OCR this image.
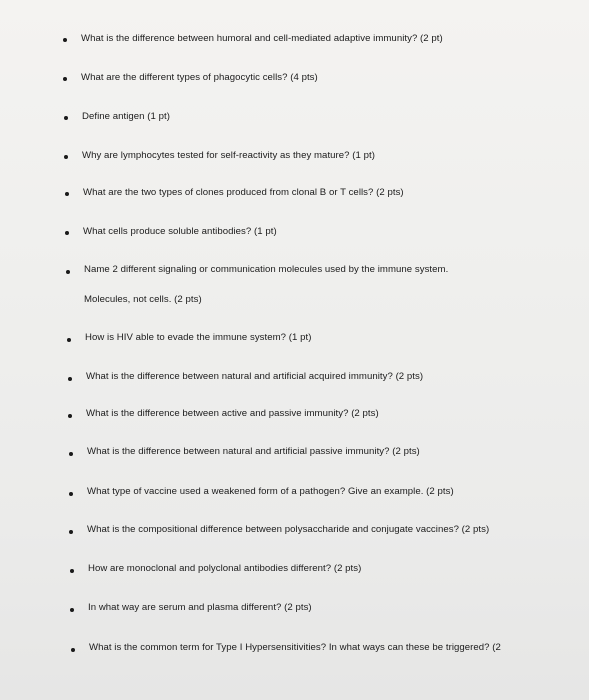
What is the difference between humoral and cell-mediated adaptive immunity? (2 pt)
What are the different types of phagocytic cells? (4 pts)
Define antigen (1 pt)
Why are lymphocytes tested for self-reactivity as they mature? (1 pt)
What are the two types of clones produced from clonal B or T cells? (2 pts)
What cells produce soluble antibodies? (1 pt)
Name 2 different signaling or communication molecules used by the immune system.
Molecules, not cells. (2 pts)
How is HIV able to evade the immune system? (1 pt)
What is the difference between natural and artificial acquired immunity? (2 pts)
What is the difference between active and passive immunity? (2 pts)
What is the difference between natural and artificial passive immunity? (2 pts)
What type of vaccine used a weakened form of a pathogen? Give an example. (2 pts)
What is the compositional difference between polysaccharide and conjugate vaccines? (2 pts)
How are monoclonal and polyclonal antibodies different? (2 pts)
In what way are serum and plasma different? (2 pts)
What is the common term for Type I Hypersensitivities? In what ways can these be triggered? (2
